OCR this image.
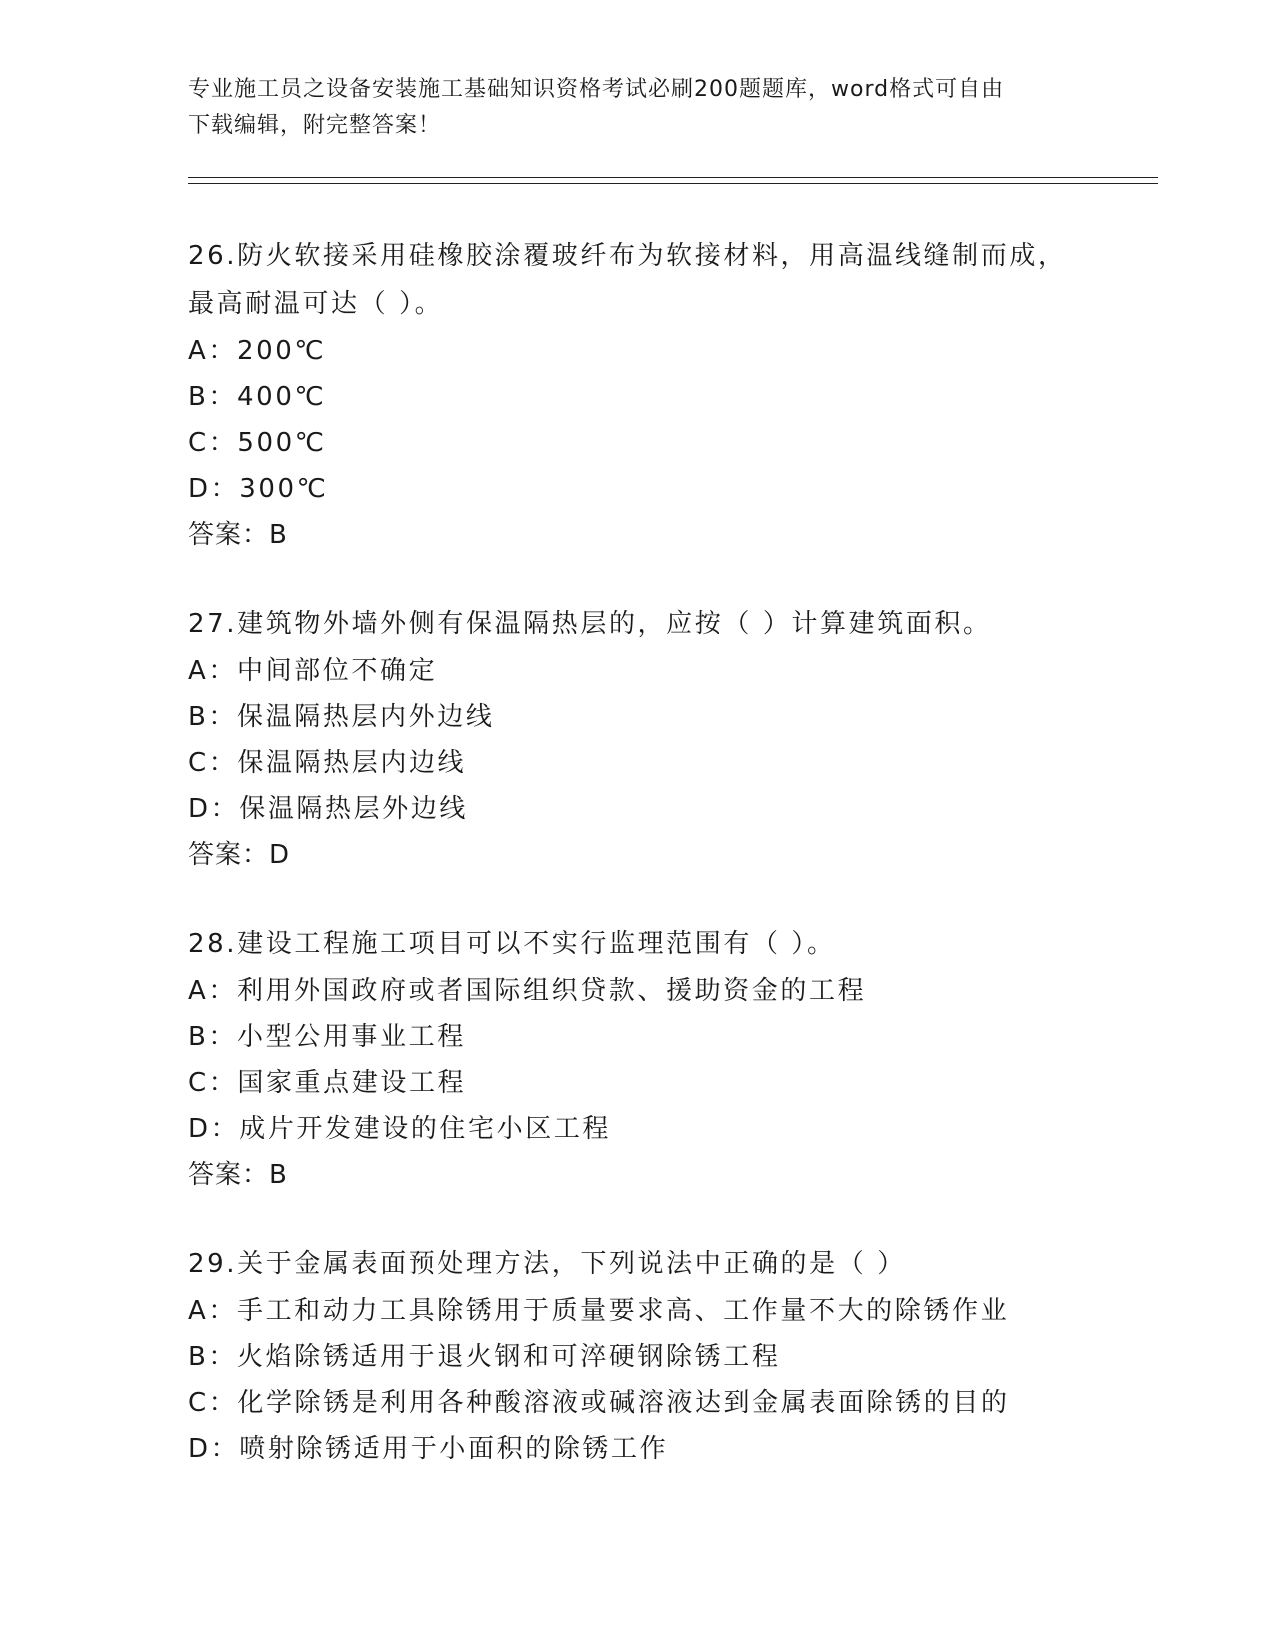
专业施工员之设备安装施工基础知识资格考试必刷200题题库，word格式可自由
下载编辑，附完整答案！
26.防火软接采用硅橡胶涂覆玻纤布为软接材料，用高温线缝制而成，
最高耐温可达（ ）。
A：200℃
B：400℃
C：500℃
D：300℃
答案：B
27.建筑物外墙外侧有保温隔热层的，应按（ ）计算建筑面积。
A：中间部位不确定
B：保温隔热层内外边线
C：保温隔热层内边线
D：保温隔热层外边线
答案：D
28.建设工程施工项目可以不实行监理范围有（ ）。
A：利用外国政府或者国际组织贷款、援助资金的工程
B：小型公用事业工程
C：国家重点建设工程
D：成片开发建设的住宅小区工程
答案：B
29.关于金属表面预处理方法，下列说法中正确的是（ ）
A：手工和动力工具除锈用于质量要求高、工作量不大的除锈作业
B：火焰除锈适用于退火钢和可淬硬钢除锈工程
C：化学除锈是利用各种酸溶液或碱溶液达到金属表面除锈的目的
D：喷射除锈适用于小面积的除锈工作
